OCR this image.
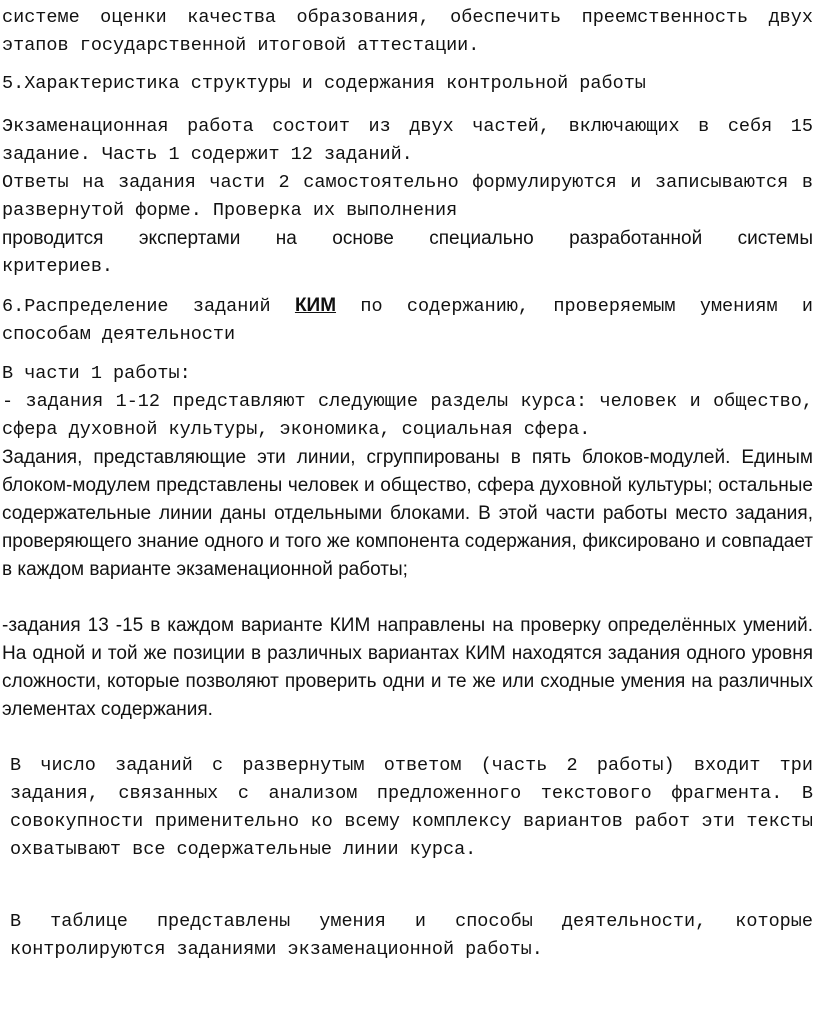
системе оценки качества образования, обеспечить преемственность двух этапов государственной итоговой аттестации.

5.Характеристика структуры и содержания контрольной работы

Экзаменационная работа состоит из двух частей, включающих в себя 15 задание. Часть 1 содержит 12 заданий.

Ответы на задания части 2 самостоятельно формулируются и записываются в развернутой форме. Проверка их выполнения

проводится экспертами на основе специально разработанной системы

критериев.

6.Распределение заданий КИМ по содержанию, проверяемым умениям и способам деятельности

В части 1 работы:

- задания 1-12 представляют следующие разделы курса: человек и общество, сфера духовной культуры, экономика, социальная сфера.

Задания, представляющие эти линии, сгруппированы в пять блоков-модулей. Единым блоком-модулем представлены человек и общество, сфера духовной культуры; остальные содержательные линии даны отдельными блоками. В этой части работы место задания, проверяющего знание одного и того же компонента содержания, фиксировано и совпадает в каждом варианте экзаменационной работы;

-задания 13 -15 в каждом варианте КИМ направлены на проверку определённых умений. На одной и той же позиции в различных вариантах КИМ находятся задания одного уровня сложности, которые позволяют проверить одни и те же или сходные умения на различных элементах содержания.

В число заданий с развернутым ответом (часть 2 работы) входит три задания, связанных с анализом предложенного текстового фрагмента. В совокупности применительно ко всему комплексу вариантов работ эти тексты охватывают все содержательные линии курса.

В таблице представлены умения и способы деятельности, которые контролируются заданиями экзаменационной работы.
